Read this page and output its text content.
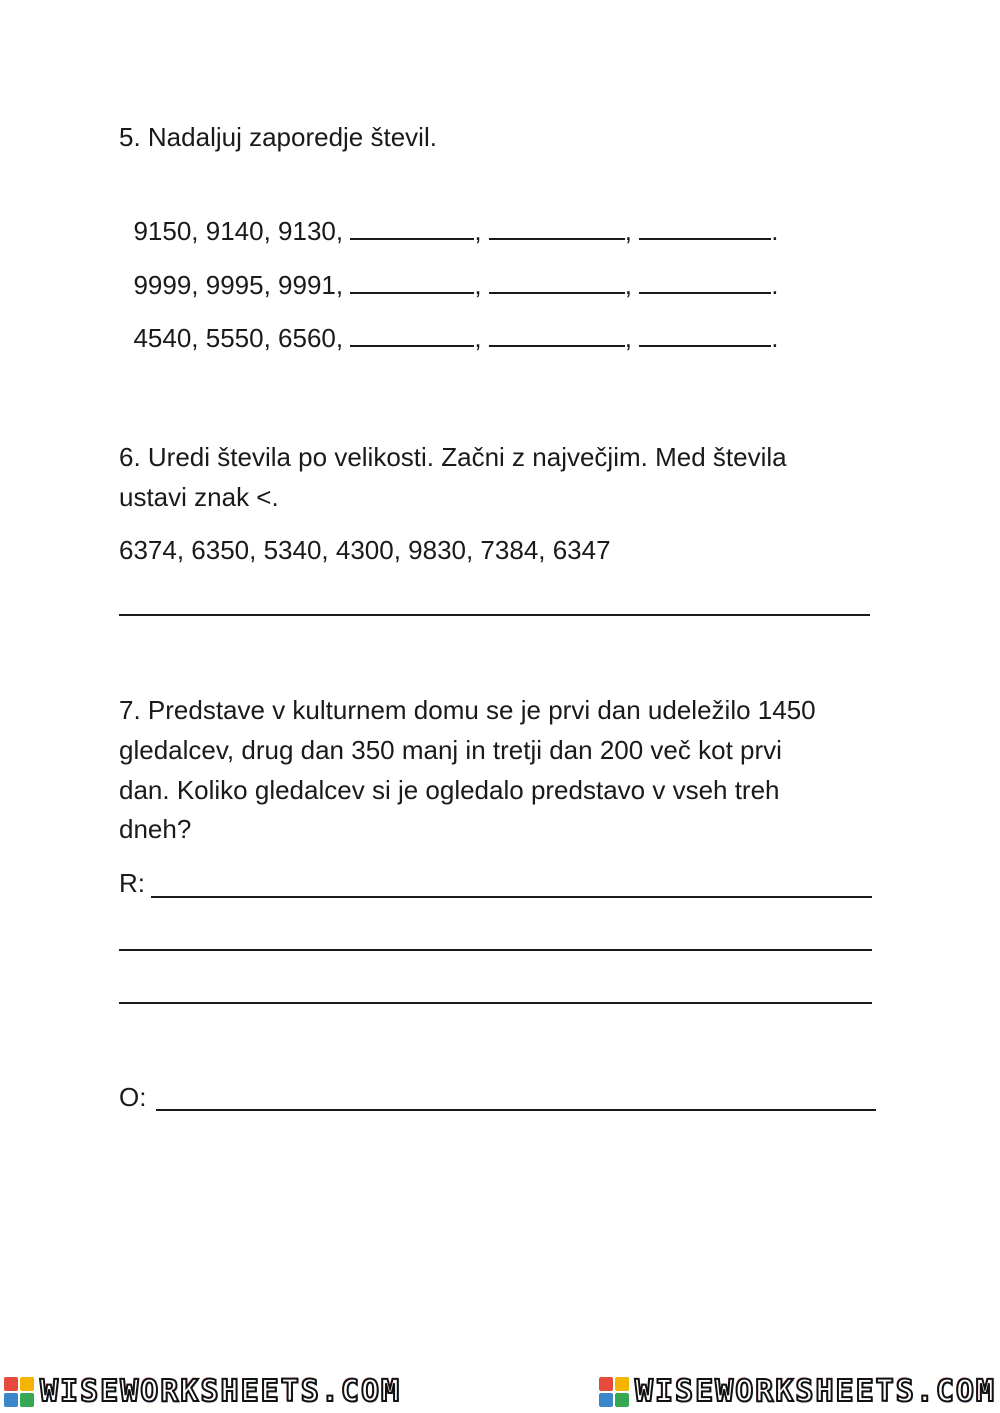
5. Nadaljuj zaporedje števil.

9150, 9140, 9130,	,	,	.

9999, 9995, 9991,	,	,	.

4540, 5550, 6560,	,	,	.

6. Uredi števila po velikosti. Začni z največjim. Med števila
ustavi znak <.
6374, 6350, 5340, 4300, 9830, 7384, 6347
7. Predstave v kulturnem domu se je prvi dan udeležilo 1450
gledalcev, drug dan 350 manj in tretji dan 200 več kot prvi
dan. Koliko gledalcev si je ogledalo predstavo v vseh treh
dneh?
R:
O:
WISEWORKSHEETS.COM	WISEWORKSHEETS.COM
